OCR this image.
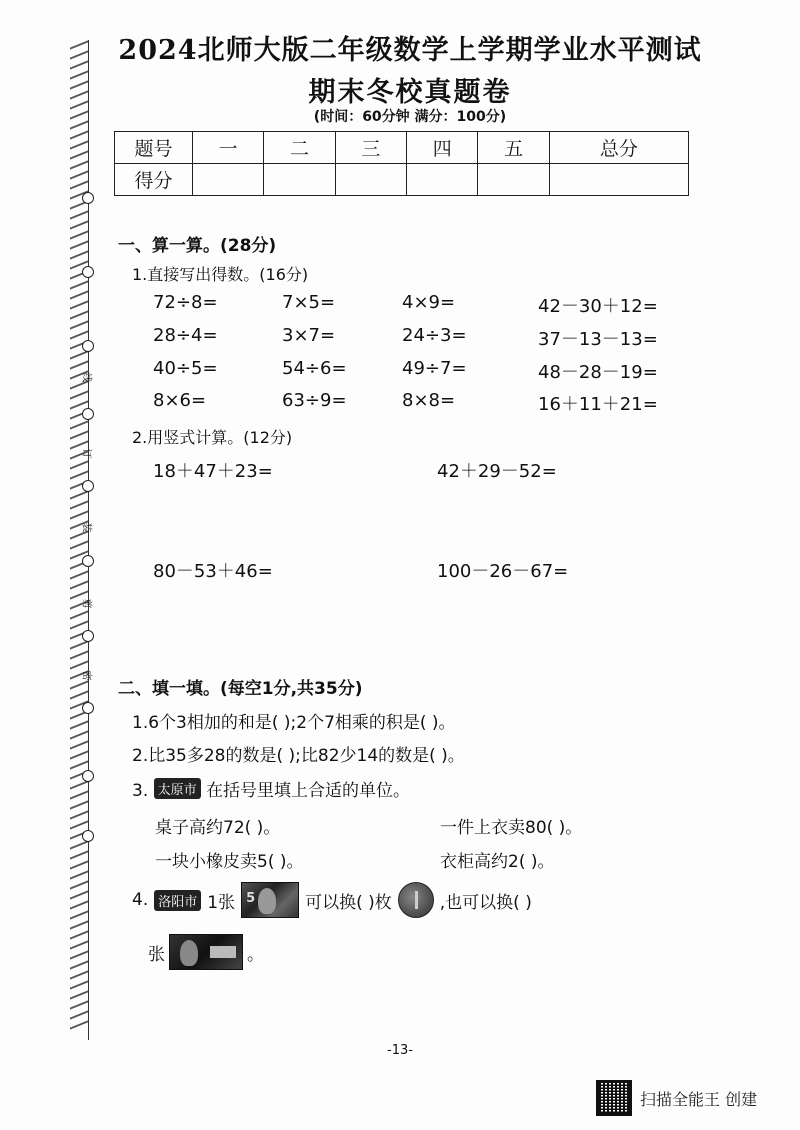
线
订
装
剪
密
2024北师大版二年级数学上学期学业水平测试
期末冬校真题卷
(时间：60分钟 满分：100分)
题号	一	二	三	四	五	总分
得分						
一、算一算。(28分)
1.直接写出得数。(16分)
72÷8=	7×5=	4×9=	42－30＋12=
28÷4=	3×7=	24÷3=	37－13－13=
40÷5=	54÷6=	49÷7=	48－28－19=
8×6=	63÷9=	8×8=	16＋11＋21=
2.用竖式计算。(12分)
18＋47＋23=	42＋29－52=
80－53＋46=	100－26－67=
二、填一填。(每空1分,共35分)
1.6个3相加的和是( );2个7相乘的积是( )。
2.比35多28的数是( );比82少14的数是( )。
3. 太原市 在括号里填上合适的单位。
桌子高约72( )。	一件上衣卖80( )。
一块小橡皮卖5( )。	衣柜高约2( )。
4. 洛阳市 1张 5	可以换( )枚	,也可以换( )
张	。
-13-
扫描全能王 创建
